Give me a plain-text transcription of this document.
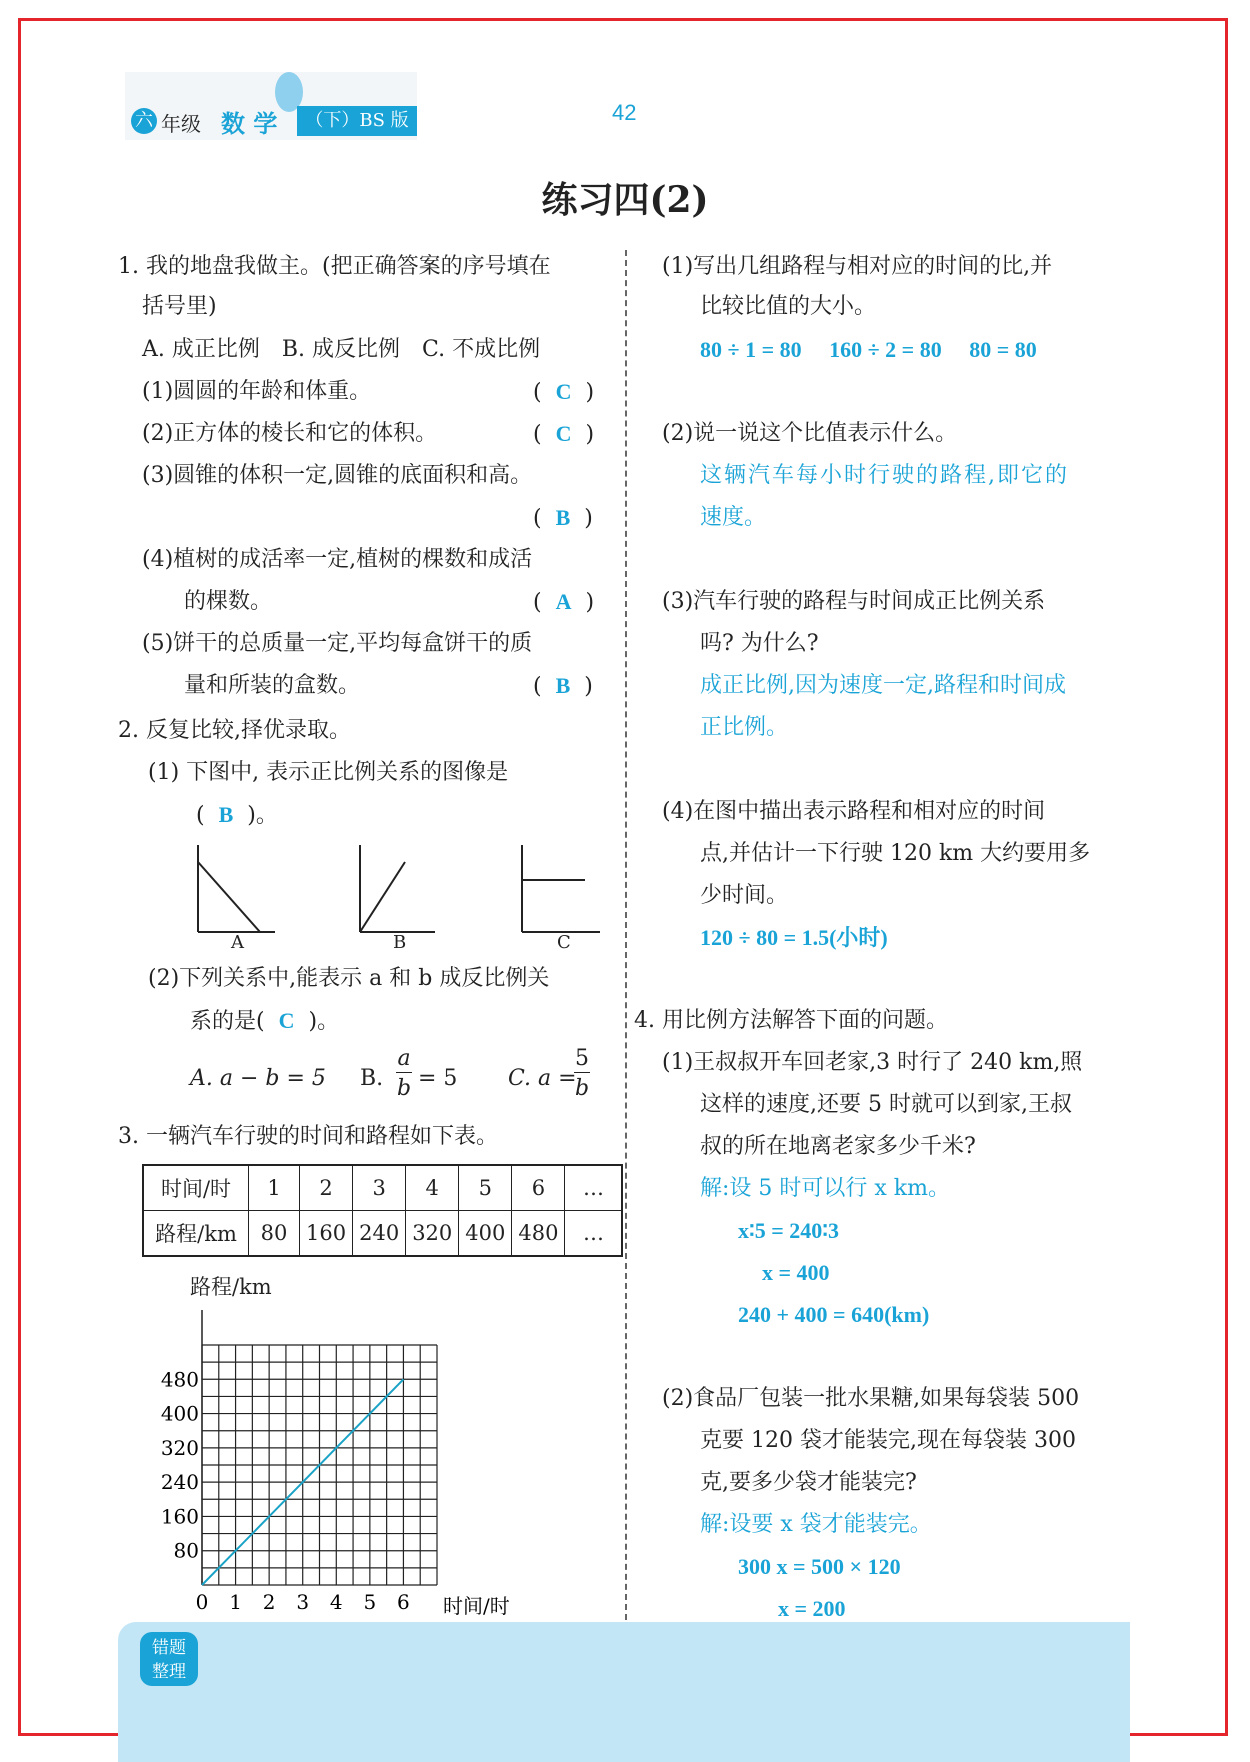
六 年级 数 学	（下）BS 版	42
练习四(2)
1. 我的地盘我做主。(把正确答案的序号填在
括号里)
A. 成正比例　B. 成反比例　C. 不成比例
(1)圆圆的年龄和体重。	(  C  )
(2)正方体的棱长和它的体积。	(  C  )
(3)圆锥的体积一定,圆锥的底面积和高。
(  B  )
(4)植树的成活率一定,植树的棵数和成活
的棵数。	(  A  )
(5)饼干的总质量一定,平均每盒饼干的质
量和所装的盒数。	(  B  )
2. 反复比较,择优录取。
(1) 下图中, 表示正比例关系的图像是
(  B  )。
A	B	C
(2)下列关系中,能表示 a 和 b 成反比例关
系的是( C )。
A. a − b = 5 B.
a
b = 5 C. a =
5
b
3. 一辆汽车行驶的时间和路程如下表。
时间/时	1	2	3	4	5	6	…
路程/km	80	160	240	320	400	480	…
路程/km
480
400
320
240
160
80
0 1 2 3 4 5 6 时间/时
(1)写出几组路程与相对应的时间的比,并
比较比值的大小。
80 ÷ 1 = 80　 160 ÷ 2 = 80　 80 = 80
(2)说一说这个比值表示什么。
这辆汽车每小时行驶的路程,即它的
速度。
(3)汽车行驶的路程与时间成正比例关系
吗? 为什么?
成正比例,因为速度一定,路程和时间成
正比例。
(4)在图中描出表示路程和相对应的时间
点,并估计一下行驶 120 km 大约要用多
少时间。
120 ÷ 80 = 1.5(小时)
4. 用比例方法解答下面的问题。
(1)王叔叔开车回老家,3 时行了 240 km,照
这样的速度,还要 5 时就可以到家,王叔
叔的所在地离老家多少千米?
解:设 5 时可以行 x km。
x∶5 = 240∶3
x = 400
240 + 400 = 640(km)
(2)食品厂包装一批水果糖,如果每袋装 500
克要 120 袋才能装完,现在每袋装 300
克,要多少袋才能装完?
解:设要 x 袋才能装完。
300 x = 500 × 120
x = 200
错题
整理
